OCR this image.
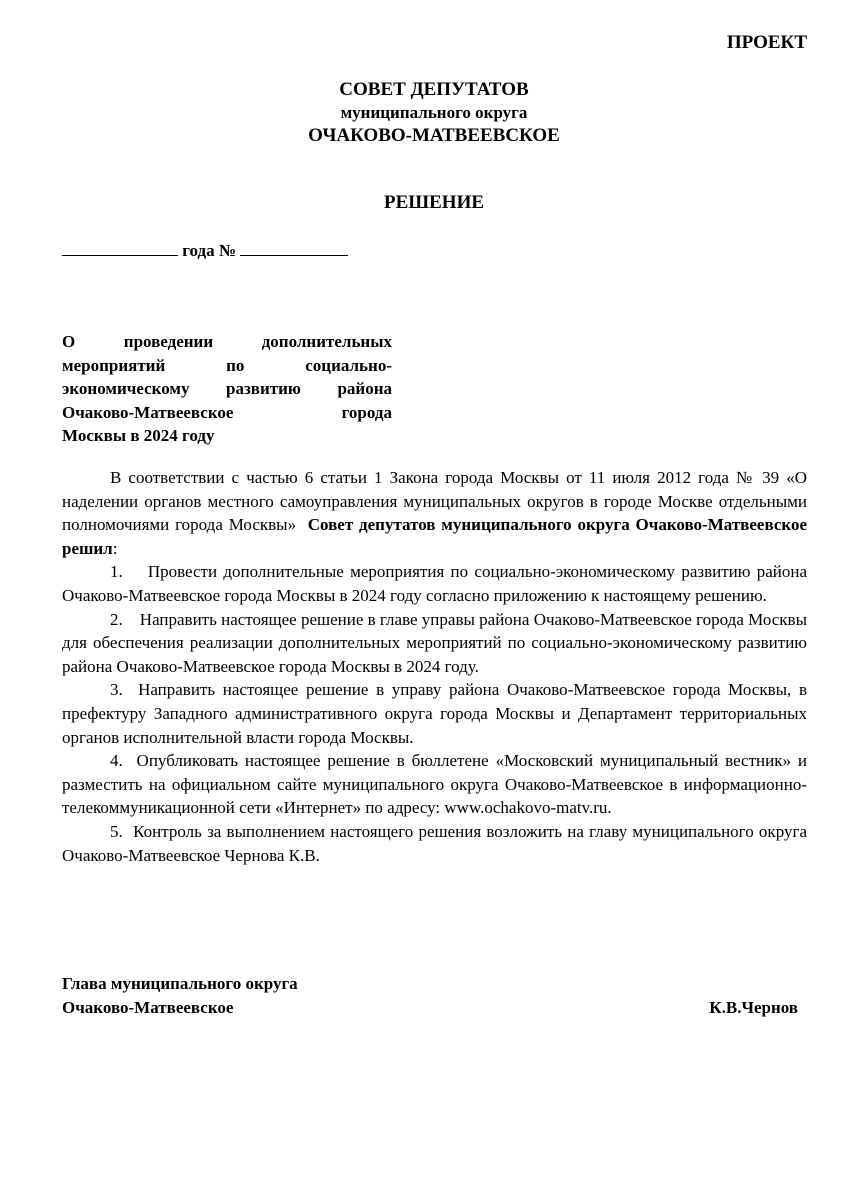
ПРОЕКТ
СОВЕТ ДЕПУТАТОВ
муниципального округа
ОЧАКОВО-МАТВЕЕВСКОЕ
РЕШЕНИЕ
года №
О проведении дополнительных мероприятий по социально-экономическому развитию района Очаково-Матвеевское города
Москвы в 2024 году

В соответствии с частью 6 статьи 1 Закона города Москвы от 11 июля 2012 года № 39 «О наделении органов местного самоуправления муниципальных округов в городе Москве отдельными полномочиями города Москвы» Совет депутатов муниципального округа Очаково-Матвеевское решил:

1.    Провести дополнительные мероприятия по социально-экономическому развитию района Очаково-Матвеевское города Москвы в 2024 году согласно приложению к настоящему решению.

2.    Направить настоящее решение в главе управы района Очаково-Матвеевское города Москвы для обеспечения реализации дополнительных мероприятий по социально-экономическому развитию района Очаково-Матвеевское города Москвы в 2024 году.

3.  Направить настоящее решение в управу района Очаково-Матвеевское города Москвы, в префектуру Западного административного округа города Москвы и Департамент территориальных органов исполнительной власти города Москвы.

4.  Опубликовать настоящее решение в бюллетене «Московский муниципальный вестник» и разместить на официальном сайте муниципального округа Очаково-Матвеевское в информационно-телекоммуникационной сети «Интернет» по адресу: www.ochakovo-matv.ru.

5.  Контроль за выполнением настоящего решения возложить на главу муниципального округа Очаково-Матвеевское Чернова К.В.

Глава муниципального округа
Очаково-Матвеевское	К.В.Чернов
